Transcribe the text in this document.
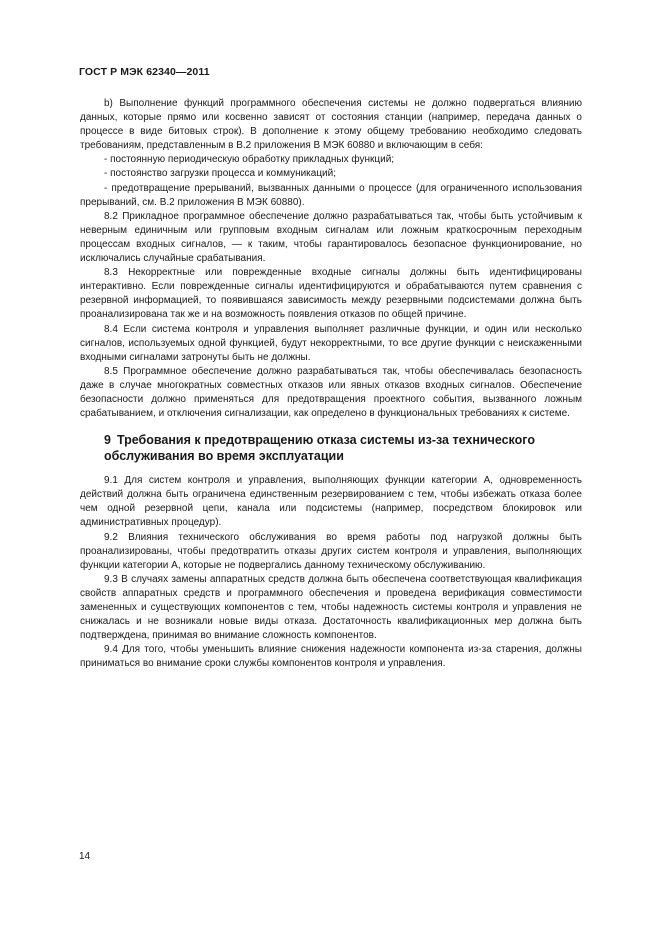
ГОСТ Р МЭК 62340—2011

b) Выполнение функций программного обеспечения системы не должно подвергаться влиянию данных, которые прямо или косвенно зависят от состояния станции (например, передача данных о процессе в виде битовых строк). В дополнение к этому общему требованию необходимо следовать требованиям, представленным в В.2 приложения В МЭК 60880 и включающим в себя:

- постоянную периодическую обработку прикладных функций;

- постоянство загрузки процесса и коммуникаций;

- предотвращение прерываний, вызванных данными о процессе (для ограниченного использования прерываний, см. В.2 приложения В МЭК 60880).

8.2 Прикладное программное обеспечение должно разрабатываться так, чтобы быть устойчивым к неверным единичным или групповым входным сигналам или ложным краткосрочным переходным процессам входных сигналов, — к таким, чтобы гарантировалось безопасное функционирование, но исключались случайные срабатывания.

8.3 Некорректные или поврежденные входные сигналы должны быть идентифицированы интерактивно. Если поврежденные сигналы идентифицируются и обрабатываются путем сравнения с резервной информацией, то появившаяся зависимость между резервными подсистемами должна быть проанализирована так же и на возможность появления отказов по общей причине.

8.4 Если система контроля и управления выполняет различные функции, и один или несколько сигналов, используемых одной функцией, будут некорректными, то все другие функции с неискаженными входными сигналами затронуты быть не должны.

8.5 Программное обеспечение должно разрабатываться так, чтобы обеспечивалась безопасность даже в случае многократных совместных отказов или явных отказов входных сигналов. Обеспечение безопасности должно применяться для предотвращения проектного события, вызванного ложным срабатыванием, и отключения сигнализации, как определено в функциональных требованиях к системе.

9 Требования к предотвращению отказа системы из-за технического обслуживания во время эксплуатации

9.1 Для систем контроля и управления, выполняющих функции категории А, одновременность действий должна быть ограничена единственным резервированием с тем, чтобы избежать отказа более чем одной резервной цепи, канала или подсистемы (например, посредством блокировок или административных процедур).

9.2 Влияния технического обслуживания во время работы под нагрузкой должны быть проанализированы, чтобы предотвратить отказы других систем контроля и управления, выполняющих функции категории А, которые не подвергались данному техническому обслуживанию.

9.3 В случаях замены аппаратных средств должна быть обеспечена соответствующая квалификация свойств аппаратных средств и программного обеспечения и проведена верификация совместимости замененных и существующих компонентов с тем, чтобы надежность системы контроля и управления не снижалась и не возникали новые виды отказа. Достаточность квалификационных мер должна быть подтверждена, принимая во внимание сложность компонентов.

9.4 Для того, чтобы уменьшить влияние снижения надежности компонента из-за старения, должны приниматься во внимание сроки службы компонентов контроля и управления.

14
